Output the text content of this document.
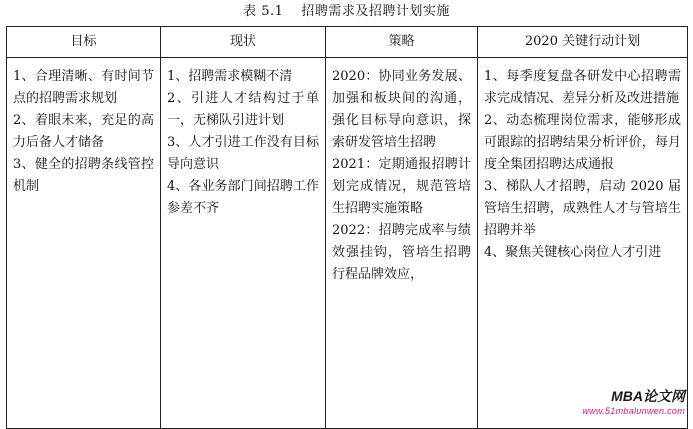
表 5.1 招聘需求及招聘计划实施
目标	现状	策略	2020 关键行动计划

1、合理清晰、有时间节点的招聘需求规划
2、着眼未来，充足的高力后备人才储备
3、健全的招聘条线管控机制	1、招聘需求模糊不清
2、引进人才结构过于单一，无梯队引进计划
3、人才引进工作没有目标导向意识
4、各业务部门间招聘工作参差不齐	2020：协同业务发展、加强和板块间的沟通，强化目标导向意识，探索研发管培生招聘
2021：定期通报招聘计划完成情况，规范管培生招聘实施策略
2022：招聘完成率与绩效强挂钩，管培生招聘行程品牌效应，	1、每季度复盘各研发中心招聘需求完成情况、差异分析及改进措施
2、动态梳理岗位需求，能够形成可跟踪的招聘结果分析评价，每月度全集团招聘达成通报
3、梯队人才招聘，启动 2020 届管培生招聘，成熟性人才与管培生招聘并举
4、聚焦关键核心岗位人才引进
MBA论文网
www.51mbalunwen.com
